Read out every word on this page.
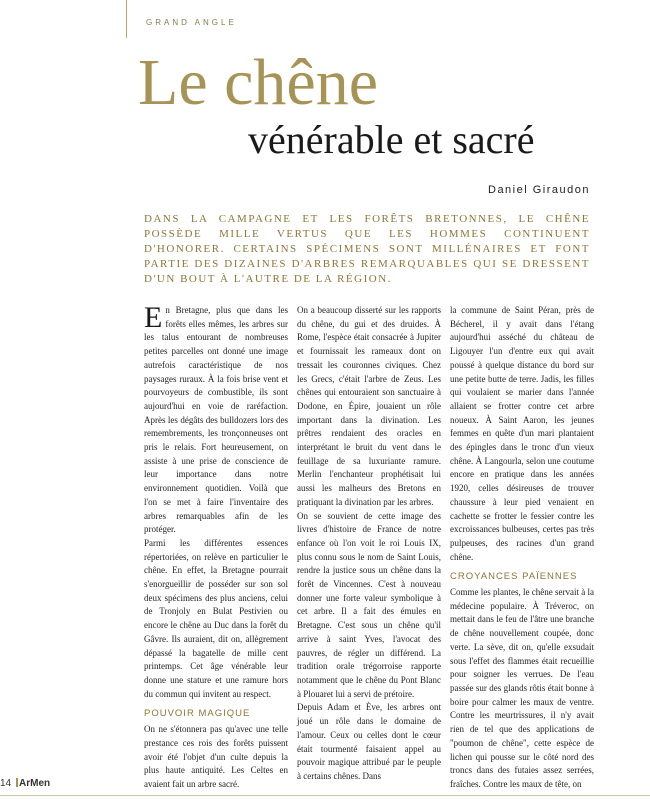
GRAND ANGLE
Le chêne
vénérable et sacré
Daniel Giraudon
DANS LA CAMPAGNE ET LES FORÊTS BRETONNES, LE CHÊNE POSSÈDE MILLE VERTUS QUE LES HOMMES CONTINUENT D'HONORER. CERTAINS SPÉCIMENS SONT MILLÉNAIRES ET FONT PARTIE DES DIZAINES D'ARBRES REMARQUABLES QUI SE DRESSENT D'UN BOUT À L'AUTRE DE LA RÉGION.

En Bretagne, plus que dans les forêts elles mêmes, les arbres sur les talus entourant de nombreuses petites parcelles ont donné une image autrefois caractéristique de nos paysages ruraux. À la fois brise vent et pourvoyeurs de combustible, ils sont aujourd'hui en voie de raréfaction. Après les dégâts des bulldozers lors des remembrements, les tronçonneuses ont pris le relais. Fort heureusement, on assiste à une prise de conscience de leur importance dans notre environnement quotidien. Voilà que l'on se met à faire l'inventaire des arbres remarquables afin de les protéger.

Parmi les différentes essences répertoriées, on relève en particulier le chêne. En effet, la Bretagne pourrait s'enorgueillir de posséder sur son sol deux spécimens des plus anciens, celui de Tronjoly en Bulat Pestivien ou encore le chêne au Duc dans la forêt du Gâvre. Ils auraient, dit on, allègrement dépassé la bagatelle de mille cent printemps. Cet âge vénérable leur donne une stature et une ramure hors du commun qui invitent au respect.

POUVOIR MAGIQUE

On ne s'étonnera pas qu'avec une telle prestance ces rois des forêts puissent avoir été l'objet d'un culte depuis la plus haute antiquité. Les Celtes en avaient fait un arbre sacré.

On a beaucoup disserté sur les rapports du chêne, du gui et des druides. À Rome, l'espèce était consacrée à Jupiter et fournissait les rameaux dont on tressait les couronnes civiques. Chez les Grecs, c'était l'arbre de Zeus. Les chênes qui entouraient son sanctuaire à Dodone, en Épire, jouaient un rôle important dans la divination. Les prêtres rendaient des oracles en interprétant le bruit du vent dans le feuillage de sa luxuriante ramure. Merlin l'enchanteur prophétisait lui aussi les malheurs des Bretons en pratiquant la divination par les arbres.

On se souvient de cette image des livres d'histoire de France de notre enfance où l'on voit le roi Louis IX, plus connu sous le nom de Saint Louis, rendre la justice sous un chêne dans la forêt de Vincennes. C'est à nouveau donner une forte valeur symbolique à cet arbre. Il a fait des émules en Bretagne. C'est sous un chêne qu'il arrive à saint Yves, l'avocat des pauvres, de régler un différend. La tradition orale trégorroise rapporte notamment que le chêne du Pont Blanc à Plouaret lui a servi de prétoire.

Depuis Adam et Ève, les arbres ont joué un rôle dans le domaine de l'amour. Ceux ou celles dont le cœur était tourmenté faisaient appel au pouvoir magique attribué par le peuple à certains chênes. Dans

la commune de Saint Péran, près de Bécherel, il y avait dans l'étang aujourd'hui asséché du château de Ligouyer l'un d'entre eux qui avait poussé à quelque distance du bord sur une petite butte de terre. Jadis, les filles qui voulaient se marier dans l'année allaient se frotter contre cet arbre noueux. À Saint Aaron, les jeunes femmes en quête d'un mari plantaient des épingles dans le tronc d'un vieux chêne. À Langourla, selon une coutume encore en pratique dans les années 1920, celles désireuses de trouver chaussure à leur pied venaient en cachette se frotter le fessier contre les excroissances bulbeuses, certes pas très pulpeuses, des racines d'un grand chêne.

CROYANCES PAÏENNES

Comme les plantes, le chêne servait à la médecine populaire. À Tréveroc, on mettait dans le feu de l'âtre une branche de chêne nouvellement coupée, donc verte. La sève, dit on, qu'elle exsudait sous l'effet des flammes était recueillie pour soigner les verrues. De l'eau passée sur des glands rôtis était bonne à boire pour calmer les maux de ventre. Contre les meurtrissures, il n'y avait rien de tel que des applications de "poumon de chêne", cette espèce de lichen qui pousse sur le côté nord des troncs dans des futaies assez serrées, fraîches. Contre les maux de tête, on

14 ArMen
